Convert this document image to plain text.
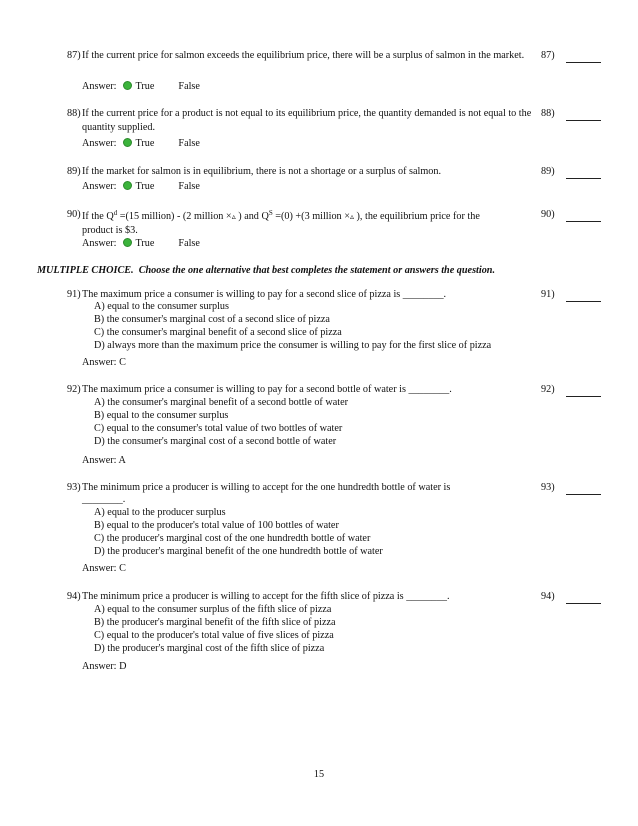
87) If the current price for salmon exceeds the equilibrium price, there will be a surplus of salmon in the market.	87)
Answer: True False
88) If the current price for a product is not equal to its equilibrium price, the quantity demanded is not equal to the quantity supplied.
88)
Answer: True False
89) If the market for salmon is in equilibrium, there is not a shortage or a surplus of salmon.	89)
Answer: True False
90) If the $Q^d =(15$ million) - (2 million ×▵ ) and $Q^S =(0) +(3$ million ×▵ ), the equilibrium price for the
product is $3.
90)
Answer: True False
MULTIPLE CHOICE. Choose the one alternative that best completes the statement or answers the question.
91) The maximum price a consumer is willing to pay for a second slice of pizza is ________.	91)
A) equal to the consumer surplus
B) the consumer's marginal cost of a second slice of pizza
C) the consumer's marginal benefit of a second slice of pizza
D) always more than the maximum price the consumer is willing to pay for the first slice of pizza
Answer: C
92) The maximum price a consumer is willing to pay for a second bottle of water is ________.	92)
A) the consumer's marginal benefit of a second bottle of water
B) equal to the consumer surplus
C) equal to the consumer's total value of two bottles of water
D) the consumer's marginal cost of a second bottle of water
Answer: A
93) The minimum price a producer is willing to accept for the one hundredth bottle of water is
________.
93)
A) equal to the producer surplus
B) equal to the producer's total value of 100 bottles of water
C) the producer's marginal cost of the one hundredth bottle of water
D) the producer's marginal benefit of the one hundredth bottle of water
Answer: C
94) The minimum price a producer is willing to accept for the fifth slice of pizza is ________.	94)
A) equal to the consumer surplus of the fifth slice of pizza
B) the producer's marginal benefit of the fifth slice of pizza
C) equal to the producer's total value of five slices of pizza
D) the producer's marginal cost of the fifth slice of pizza
Answer: D
15
